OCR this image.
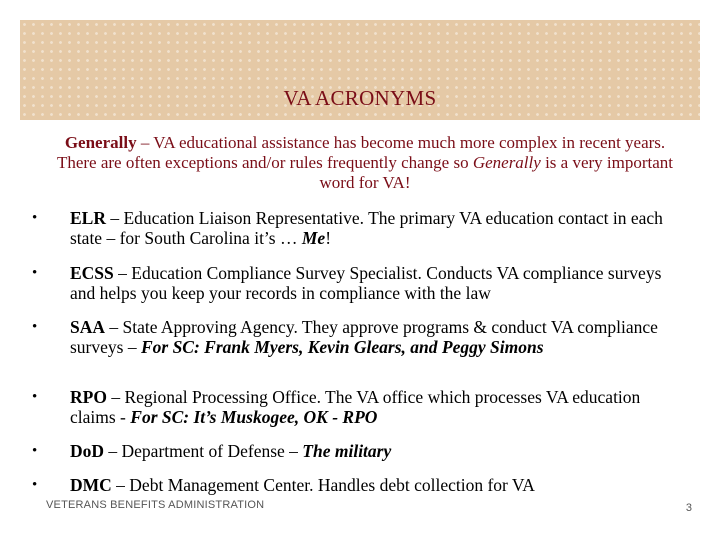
VA ACRONYMS
Generally – VA educational assistance has become much more complex in recent years. There are often exceptions and/or rules frequently change so Generally is a very important word for VA!
•	ELR – Education Liaison Representative. The primary VA education contact in each state – for South Carolina it’s … Me!
•	ECSS – Education Compliance Survey Specialist. Conducts VA compliance surveys and helps you keep your records in compliance with the law
•	SAA – State Approving Agency. They approve programs & conduct VA compliance surveys – For SC: Frank Myers, Kevin Glears, and Peggy Simons
•	RPO – Regional Processing Office. The VA office which processes VA education claims - For SC: It’s Muskogee, OK - RPO
•	DoD – Department of Defense – The military
•	DMC – Debt Management Center. Handles debt collection for VA
VETERANS BENEFITS ADMINISTRATION	3
